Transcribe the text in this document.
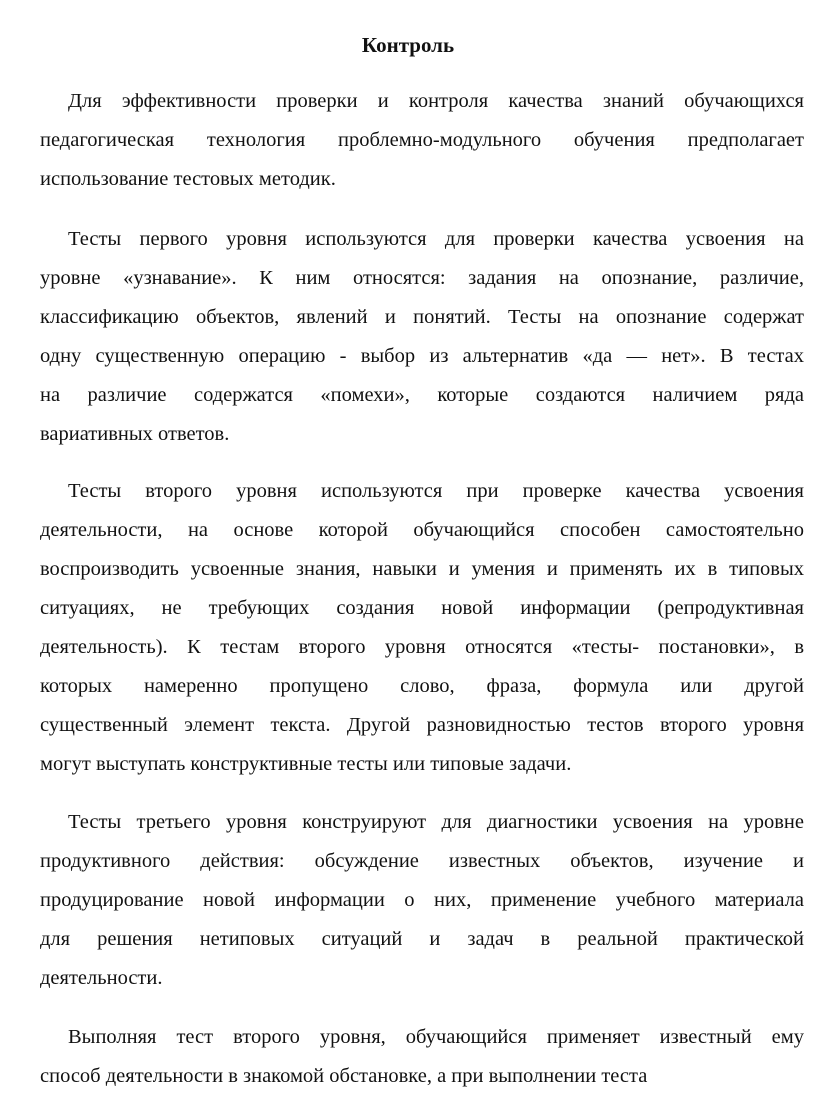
Контроль
Для эффективности проверки и контроля качества знаний обучающихся
педагогическая технология проблемно-модульного обучения предполагает
использование тестовых методик.
Тесты первого уровня используются для проверки качества усвоения на
уровне «узнавание». К ним относятся: задания на опознание, различие,
классификацию объектов, явлений и понятий. Тесты на опознание содержат
одну существенную операцию - выбор из альтернатив «да — нет». В тестах
на различие содержатся «помехи», которые создаются наличием ряда
вариативных ответов.
Тесты второго уровня используются при проверке качества усвоения
деятельности, на основе которой обучающийся способен самостоятельно
воспроизводить усвоенные знания, навыки и умения и применять их в типовых
ситуациях, не требующих создания новой информации (репродуктивная
деятельность). К тестам второго уровня относятся «тесты- постановки», в
которых намеренно пропущено слово, фраза, формула или другой
существенный элемент текста. Другой разновидностью тестов второго уровня
могут выступать конструктивные тесты или типовые задачи.
Тесты третьего уровня конструируют для диагностики усвоения на уровне
продуктивного действия: обсуждение известных объектов, изучение и
продуцирование новой информации о них, применение учебного материала
для решения нетиповых ситуаций и задач в реальной практической
деятельности.
Выполняя тест второго уровня, обучающийся применяет известный ему
способ деятельности в знакомой обстановке, а при выполнении теста
